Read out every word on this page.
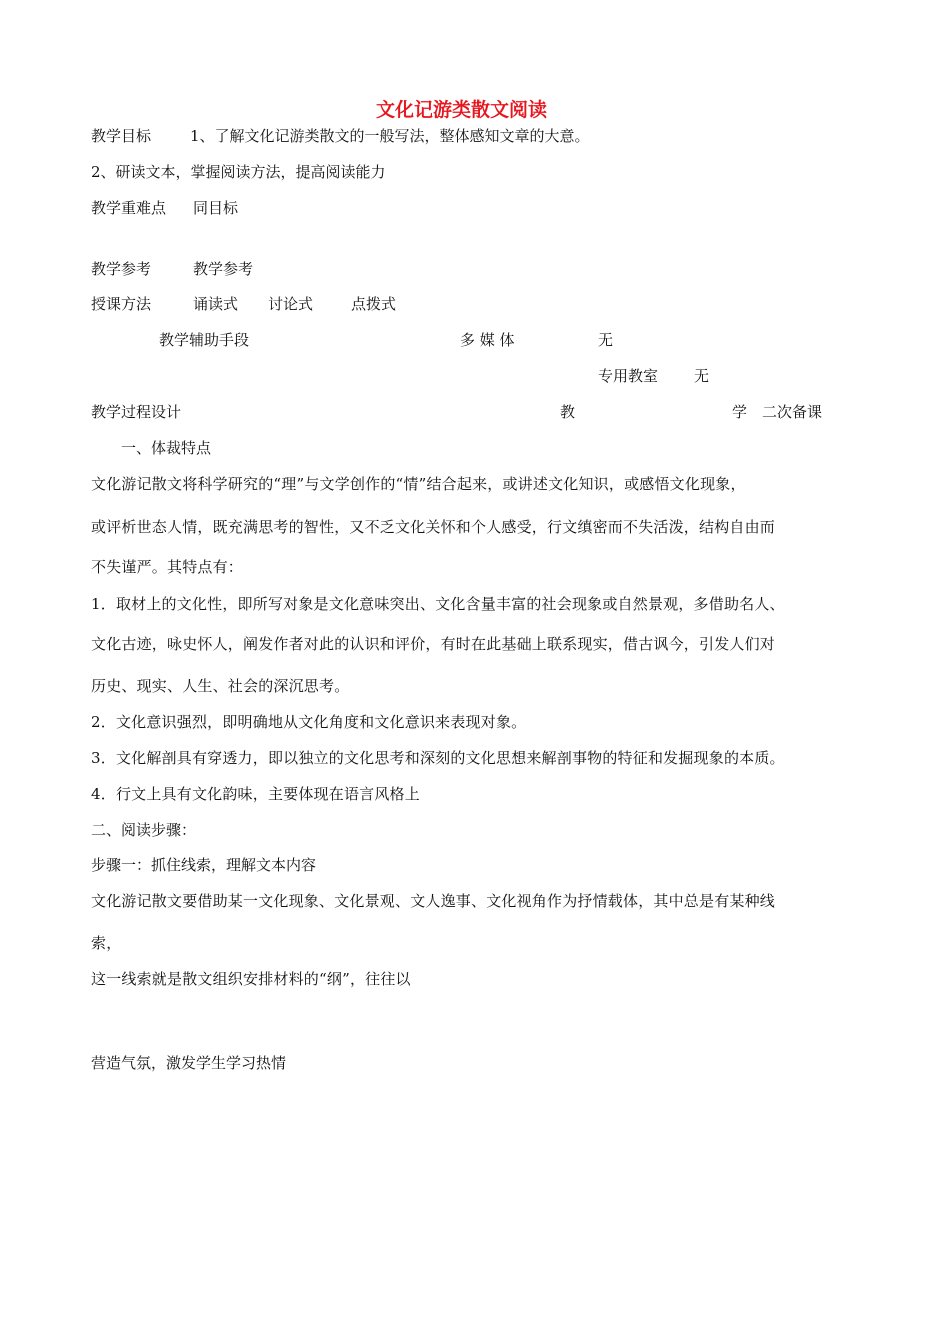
文化记游类散文阅读
教学目标	1、了解文化记游类散文的一般写法，整体感知文章的大意。
2、研读文本，掌握阅读方法，提高阅读能力
教学重难点 同目标
教学参考	教学参考
授课方法	诵读式 讨论式	点拨式
教学辅助手段	多 媒 体	无
专用教室 无
教学过程设计	教	学 二次备课
一、体裁特点
文化游记散文将科学研究的“理”与文学创作的“情”结合起来，或讲述文化知识，或感悟文化现象，
或评析世态人情，既充满思考的智性，又不乏文化关怀和个人感受，行文缜密而不失活泼，结构自由而
不失谨严。其特点有：
1．取材上的文化性，即所写对象是文化意味突出、文化含量丰富的社会现象或自然景观，多借助名人、
文化古迹，咏史怀人，阐发作者对此的认识和评价，有时在此基础上联系现实，借古讽今，引发人们对
历史、现实、人生、社会的深沉思考。
2．文化意识强烈，即明确地从文化角度和文化意识来表现对象。
3．文化解剖具有穿透力，即以独立的文化思考和深刻的文化思想来解剖事物的特征和发掘现象的本质。
4．行文上具有文化韵味，主要体现在语言风格上
二、阅读步骤：
步骤一：抓住线索，理解文本内容
文化游记散文要借助某一文化现象、文化景观、文人逸事、文化视角作为抒情载体，其中总是有某种线
索，
这一线索就是散文组织安排材料的“纲”，往往以
营造气氛，激发学生学习热情
